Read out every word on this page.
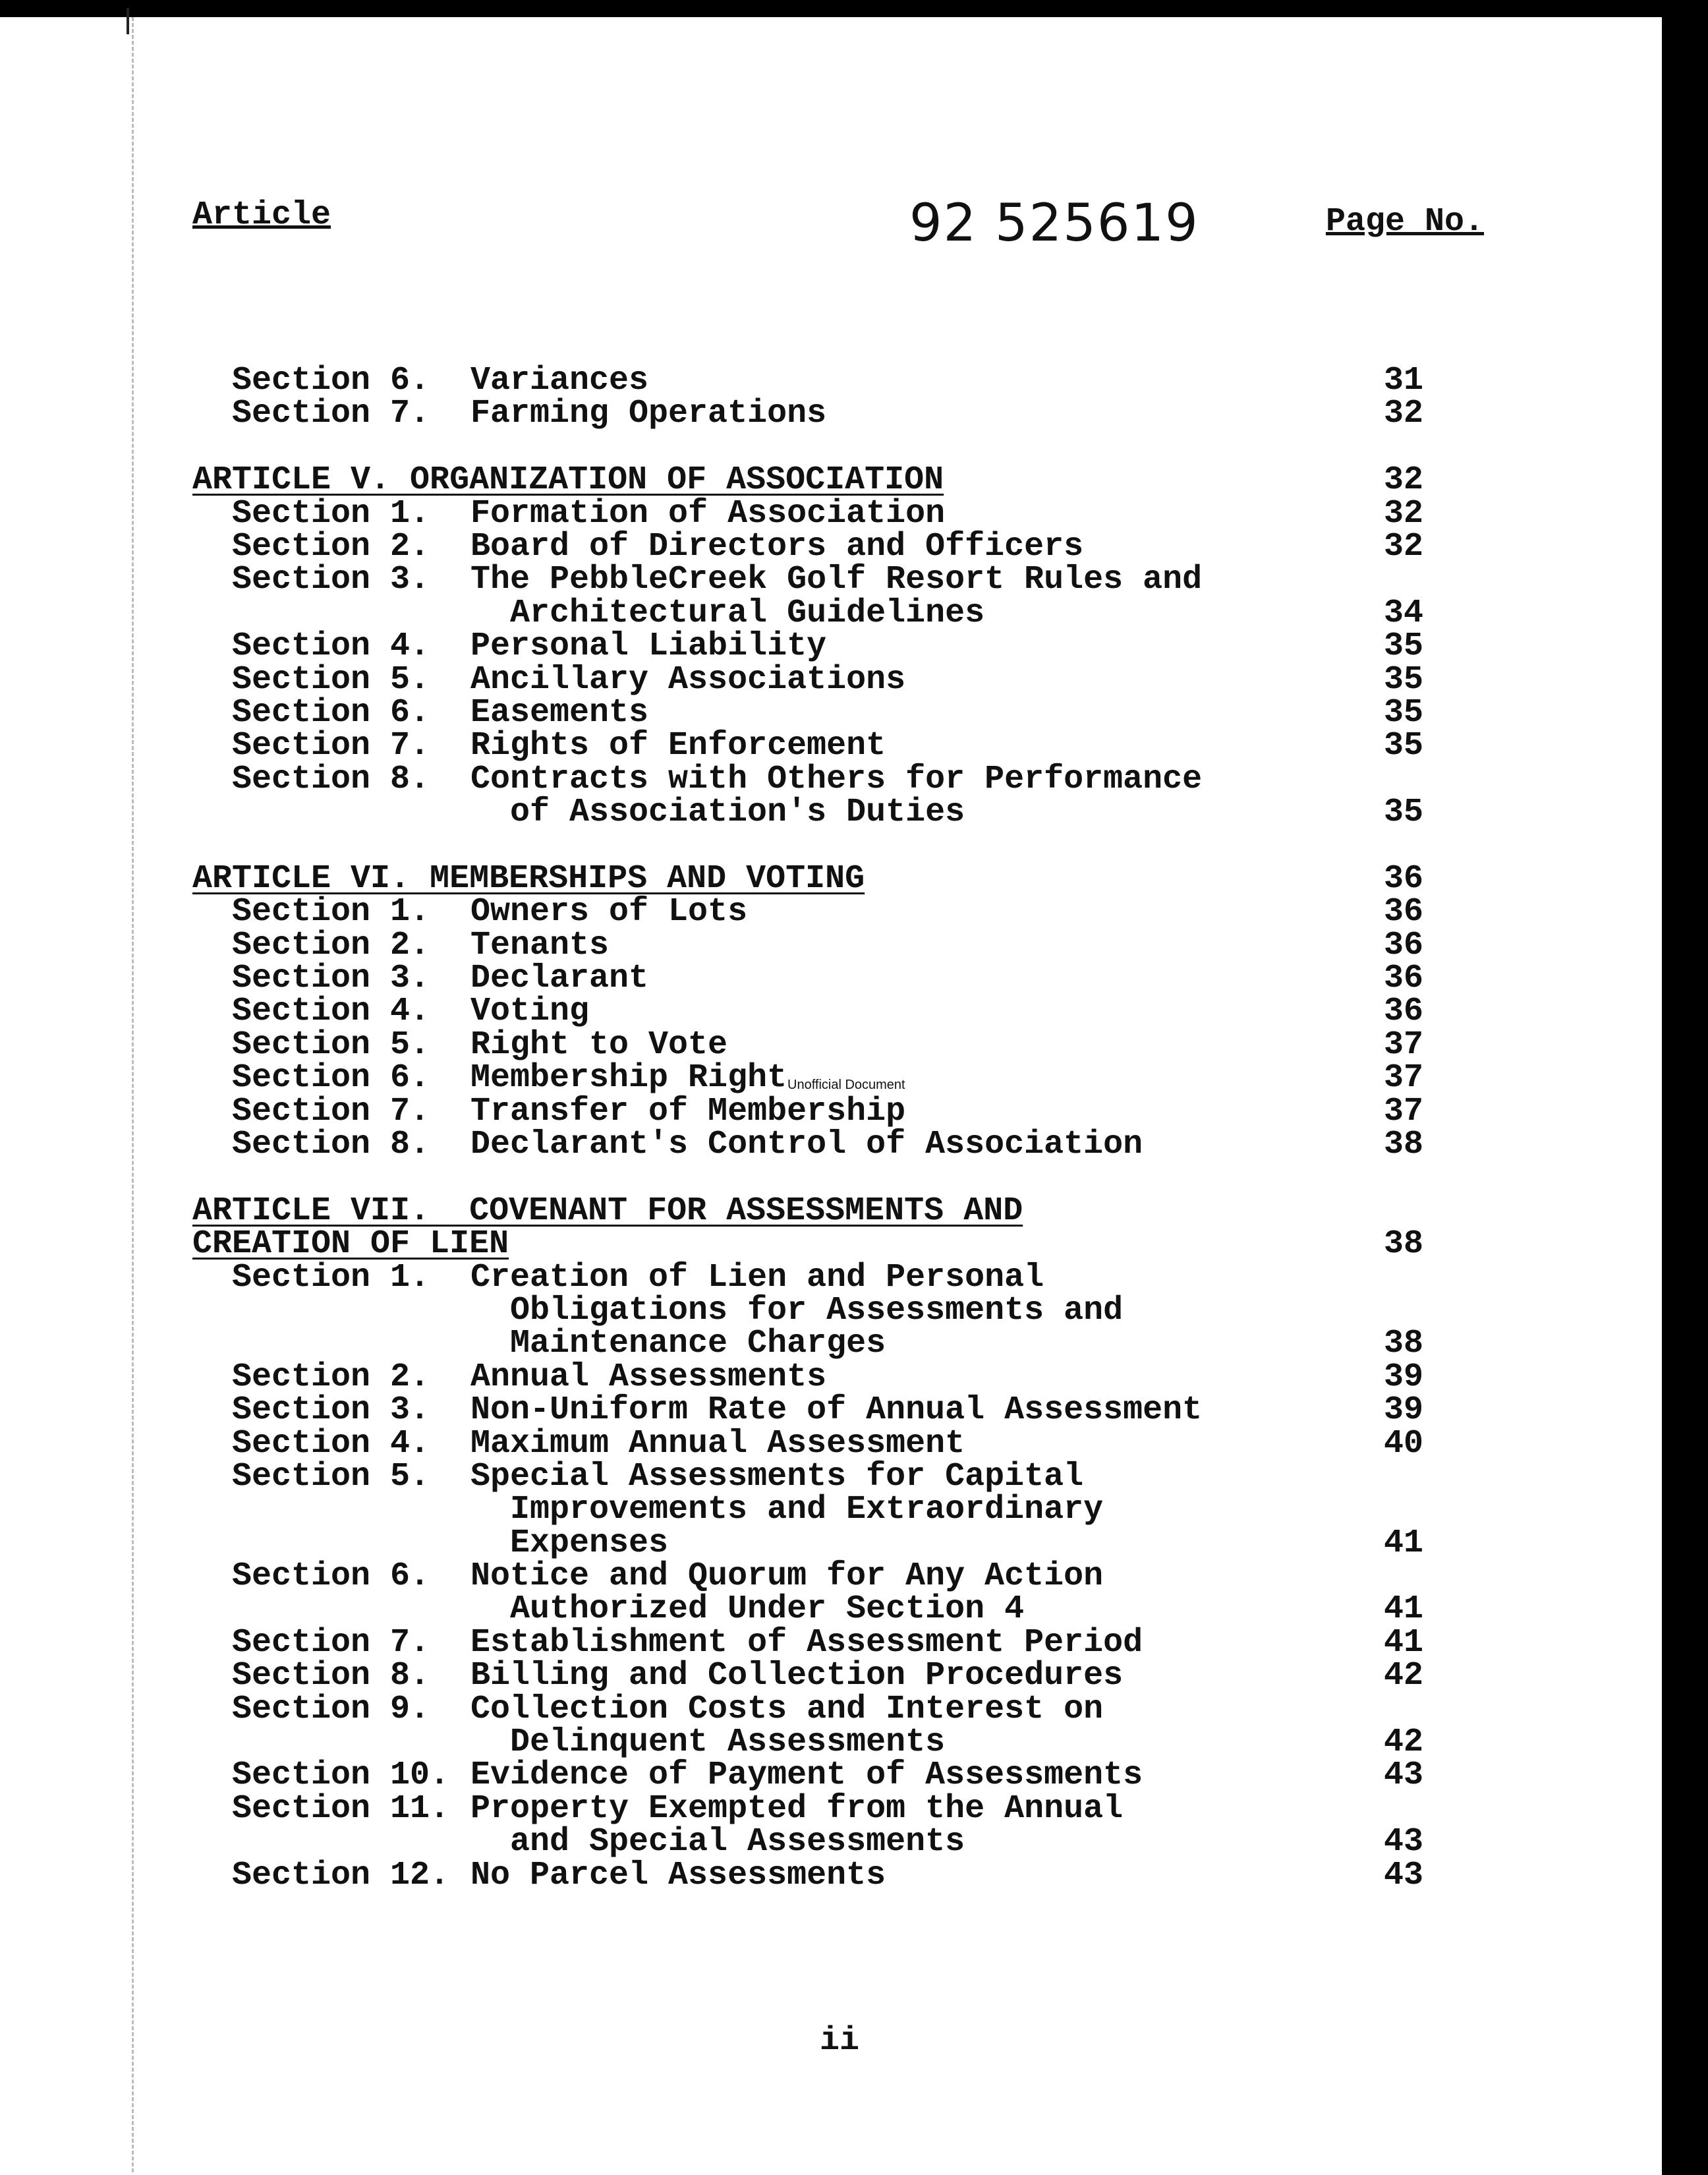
Article	92 525619	Page No.
Section 6. Variances	31
Section 7. Farming Operations	32
ARTICLE V. ORGANIZATION OF ASSOCIATION	32
Section 1. Formation of Association	32
Section 2. Board of Directors and Officers	32
Section 3. The PebbleCreek Golf Resort Rules and
Architectural Guidelines	34
Section 4. Personal Liability	35
Section 5. Ancillary Associations	35
Section 6. Easements	35
Section 7. Rights of Enforcement	35
Section 8. Contracts with Others for Performance
of Association's Duties	35
ARTICLE VI. MEMBERSHIPS AND VOTING	36
Section 1. Owners of Lots	36
Section 2. Tenants	36
Section 3. Declarant	36
Section 4. Voting	36
Section 5. Right to Vote	37
Section 6. Membership Right	37
Section 7. Transfer of Membership	37
Section 8. Declarant's Control of Association	38
ARTICLE VII.  COVENANT FOR ASSESSMENTS AND
CREATION OF LIEN	38
Section 1. Creation of Lien and Personal
Obligations for Assessments and
Maintenance Charges	38
Section 2. Annual Assessments	39
Section 3. Non-Uniform Rate of Annual Assessment	39
Section 4. Maximum Annual Assessment	40
Section 5. Special Assessments for Capital
Improvements and Extraordinary
Expenses	41
Section 6. Notice and Quorum for Any Action
Authorized Under Section 4	41
Section 7. Establishment of Assessment Period	41
Section 8. Billing and Collection Procedures	42
Section 9. Collection Costs and Interest on
Delinquent Assessments	42
Section 10. Evidence of Payment of Assessments	43
Section 11. Property Exempted from the Annual
and Special Assessments	43
Section 12. No Parcel Assessments	43
Unofficial Document
ii
